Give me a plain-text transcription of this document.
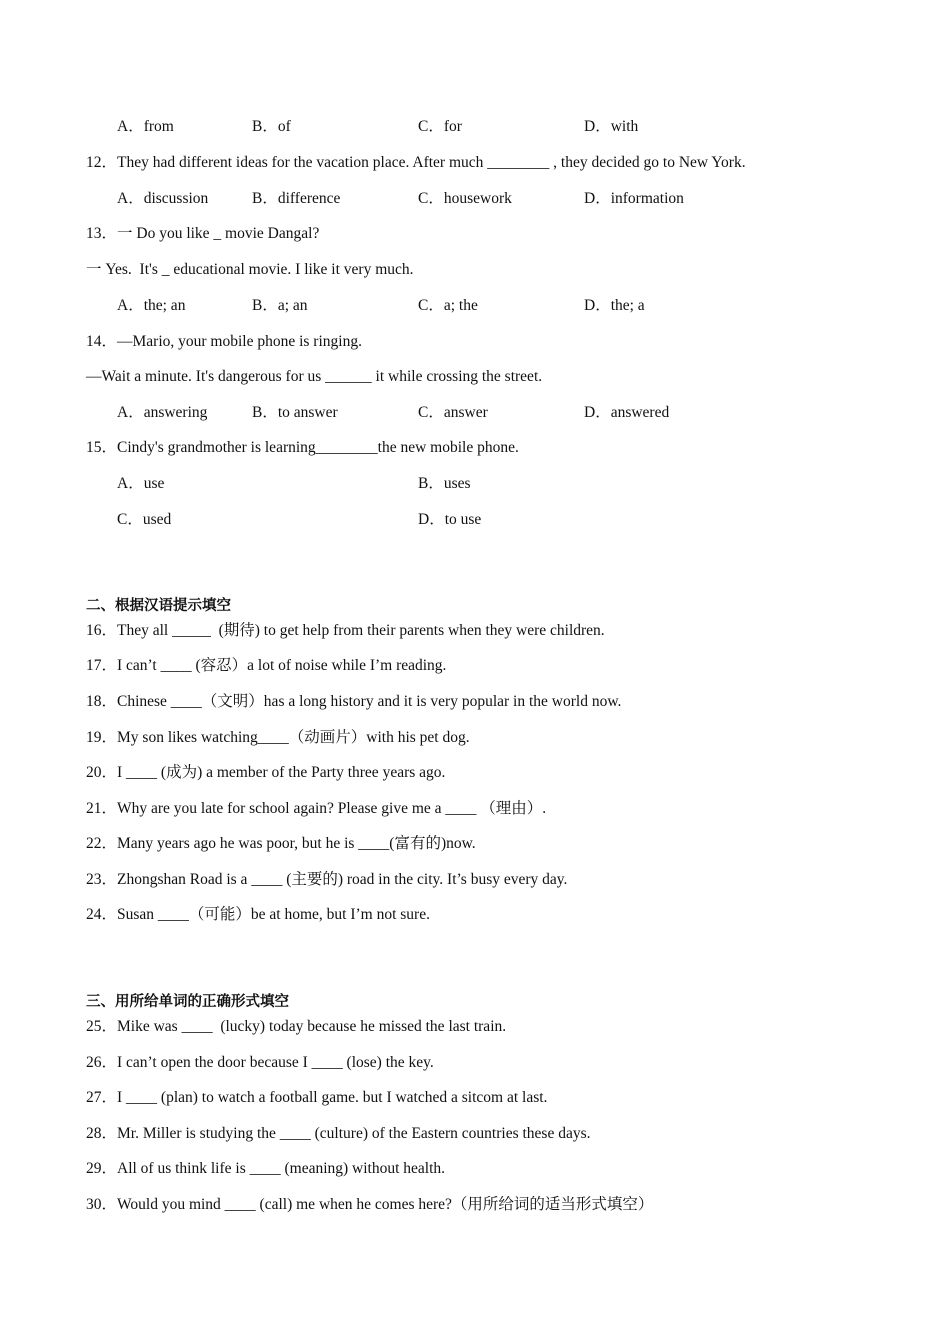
A．from	B．of	C．for	D．with
12．They had different ideas for the vacation place. After much ________ , they decided go to New York.
A．discussion	B．difference	C．housework	D．information
13．一 Do you like _ movie Dangal?
一 Yes.  It's _ educational movie. I like it very much.
A．the; an	B．a; an	C．a; the	D．the; a
14．—Mario, your mobile phone is ringing.
—Wait a minute. It's dangerous for us ______ it while crossing the street.
A．answering	B．to answer	C．answer	D．answered
15．Cindy's grandmother is learning________the new mobile phone.
A．use	B．uses
C．used	D．to use
二、根据汉语提示填空
16．They all _____  (期待) to get help from their parents when they were children.
17．I can’t ____ (容忍）a lot of noise while I’m reading.
18．Chinese ____（文明）has a long history and it is very popular in the world now.
19．My son likes watching____（动画片）with his pet dog.
20．I ____ (成为) a member of the Party three years ago.
21．Why are you late for school again? Please give me a ____ （理由）.
22．Many years ago he was poor, but he is ____(富有的)now.
23．Zhongshan Road is a ____ (主要的) road in the city. It’s busy every day.
24．Susan ____（可能）be at home, but I’m not sure.
三、用所给单词的正确形式填空
25．Mike was ____  (lucky) today because he missed the last train.
26．I can’t open the door because I ____ (lose) the key.
27．I ____ (plan) to watch a football game. but I watched a sitcom at last.
28．Mr. Miller is studying the ____ (culture) of the Eastern countries these days.
29．All of us think life is ____ (meaning) without health.
30．Would you mind ____ (call) me when he comes here?（用所给词的适当形式填空）
